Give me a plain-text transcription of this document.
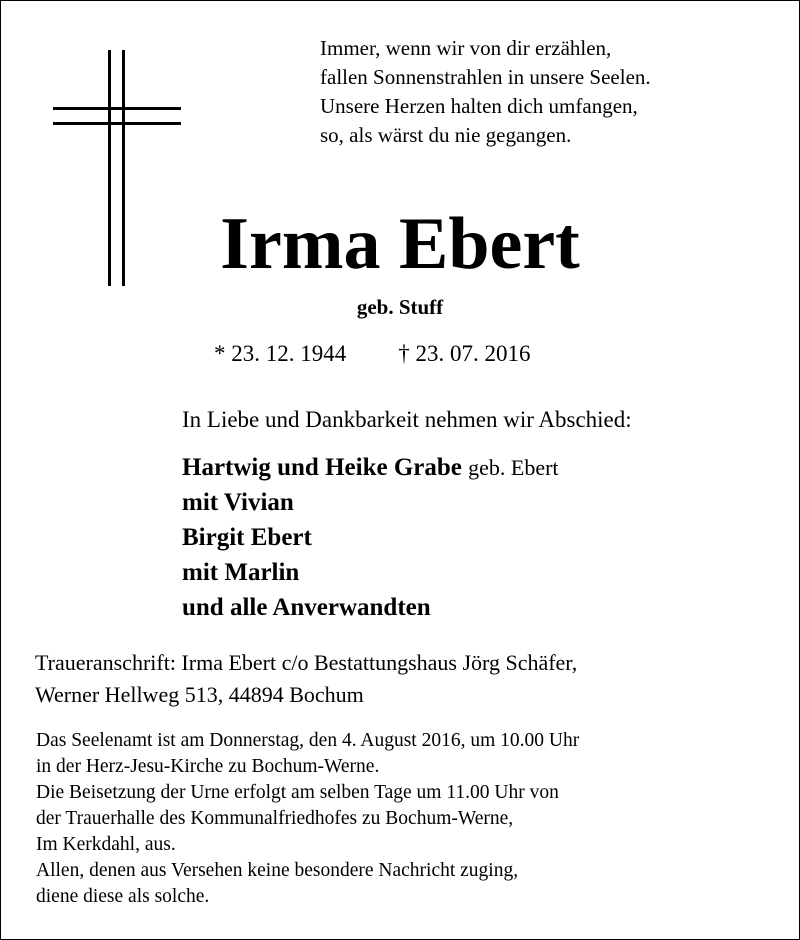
Immer, wenn wir von dir erzählen,
fallen Sonnenstrahlen in unsere Seelen.
Unsere Herzen halten dich umfangen,
so, als wärst du nie gegangen.
Irma Ebert
geb. Stuff
* 23. 12. 1944 † 23. 07. 2016
In Liebe und Dankbarkeit nehmen wir Abschied:
Hartwig und Heike Grabe geb. Ebert
mit Vivian
Birgit Ebert
mit Marlin
und alle Anverwandten
Traueranschrift: Irma Ebert c/o Bestattungshaus Jörg Schäfer,
Werner Hellweg 513, 44894 Bochum
Das Seelenamt ist am Donnerstag, den 4. August 2016, um 10.00 Uhr
in der Herz-Jesu-Kirche zu Bochum-Werne.
Die Beisetzung der Urne erfolgt am selben Tage um 11.00 Uhr von
der Trauerhalle des Kommunalfriedhofes zu Bochum-Werne,
Im Kerkdahl, aus.
Allen, denen aus Versehen keine besondere Nachricht zuging,
diene diese als solche.
